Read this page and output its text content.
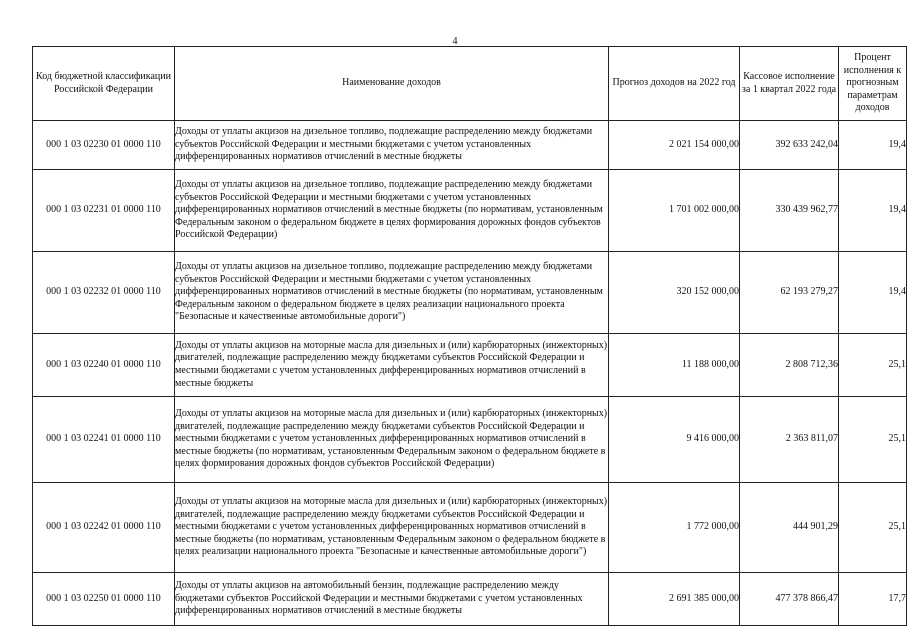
4
Код бюджетной классификации Российской Федерации	Наименование доходов	Прогноз доходов на 2022 год	Кассовое исполнение за 1 квартал 2022 года	Процент исполнения к прогнозным параметрам доходов
000 1 03 02230 01 0000 110	Доходы от уплаты акцизов на дизельное топливо, подлежащие распределению между бюджетами субъектов Российской Федерации и местными бюджетами с учетом установленных дифференцированных нормативов отчислений в местные бюджеты	2 021 154 000,00	392 633 242,04	19,4
000 1 03 02231 01 0000 110	Доходы от уплаты акцизов на дизельное топливо, подлежащие распределению между бюджетами субъектов Российской Федерации и местными бюджетами с учетом установленных дифференцированных нормативов отчислений в местные бюджеты (по нормативам, установленным Федеральным законом о федеральном бюджете в целях формирования дорожных фондов субъектов Российской Федерации)	1 701 002 000,00	330 439 962,77	19,4
000 1 03 02232 01 0000 110	Доходы от уплаты акцизов на дизельное топливо, подлежащие распределению между бюджетами субъектов Российской Федерации и местными бюджетами с учетом установленных дифференцированных нормативов отчислений в местные бюджеты (по нормативам, установленным Федеральным законом о федеральном бюджете в целях реализации национального проекта "Безопасные и качественные автомобильные дороги")	320 152 000,00	62 193 279,27	19,4
000 1 03 02240 01 0000 110	Доходы от уплаты акцизов на моторные масла для дизельных и (или) карбюраторных (инжекторных) двигателей, подлежащие распределению между бюджетами субъектов Российской Федерации и местными бюджетами с учетом установленных дифференцированных нормативов отчислений в местные бюджеты	11 188 000,00	2 808 712,36	25,1
000 1 03 02241 01 0000 110	Доходы от уплаты акцизов на моторные масла для дизельных и (или) карбюраторных (инжекторных) двигателей, подлежащие распределению между бюджетами субъектов Российской Федерации и местными бюджетами с учетом установленных дифференцированных нормативов отчислений в местные бюджеты (по нормативам, установленным Федеральным законом о федеральном бюджете в целях формирования дорожных фондов субъектов Российской Федерации)	9 416 000,00	2 363 811,07	25,1
000 1 03 02242 01 0000 110	Доходы от уплаты акцизов на моторные масла для дизельных и (или) карбюраторных (инжекторных) двигателей, подлежащие распределению между бюджетами субъектов Российской Федерации и местными бюджетами с учетом установленных дифференцированных нормативов отчислений в местные бюджеты (по нормативам, установленным Федеральным законом о федеральном бюджете в целях реализации национального проекта "Безопасные и качественные автомобильные дороги")	1 772 000,00	444 901,29	25,1
000 1 03 02250 01 0000 110	Доходы от уплаты акцизов на автомобильный бензин, подлежащие распределению между бюджетами субъектов Российской Федерации и местными бюджетами с учетом установленных дифференцированных нормативов отчислений в местные бюджеты	2 691 385 000,00	477 378 866,47	17,7
